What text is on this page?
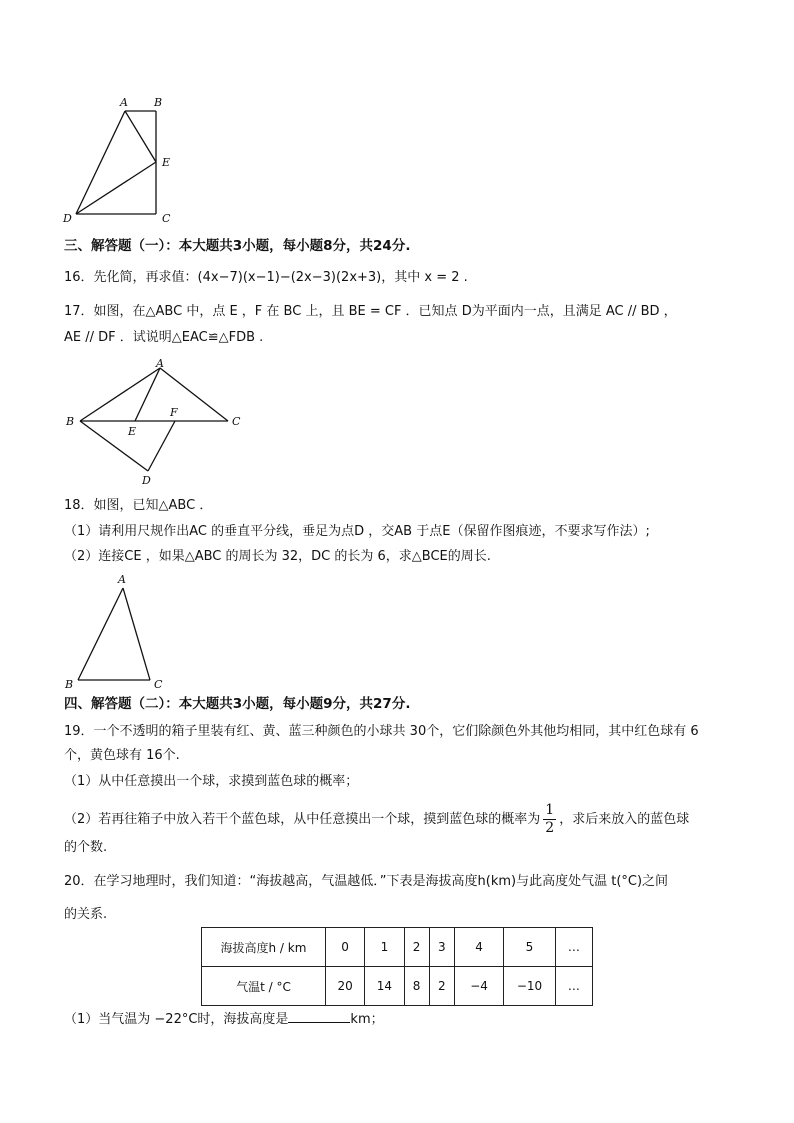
A B
E
D	C
三、解答题（一）：本大题共3小题，每小题8分，共24分.
16．先化简，再求值：(4x−7)(x−1)−(2x−3)(2x+3)，其中 x = 2 .
17．如图，在△ABC 中，点 E ，F 在 BC 上，且 BE = CF ．已知点 D为平面内一点，且满足 AC // BD ，
AE // DF ．试说明△EAC≌△FDB .
A
B
E
F
C
D
18．如图，已知△ABC ．
（1）请利用尺规作出AC 的垂直平分线，垂足为点D ，交AB 于点E（保留作图痕迹，不要求写作法）;
（2）连接CE ，如果△ABC 的周长为 32，DC 的长为 6，求△BCE的周长.
A
B	C
四、解答题（二）：本大题共3小题，每小题9分，共27分.
19．一个不透明的箱子里装有红、黄、蓝三种颜色的小球共 30个，它们除颜色外其他均相同，其中红色球有 6
个，黄色球有 16个.
（1）从中任意摸出一个球，求摸到蓝色球的概率；
（2）若再往箱子中放入若干个蓝色球，从中任意摸出一个球，摸到蓝色球的概率为 $\frac{1}{2}$ ，求后来放入的蓝色球
的个数.
20．在学习地理时，我们知道：“海拔越高，气温越低．”下表是海拔高度h(km)与此高度处气温 t(°C)之间
的关系.
海拔高度h / km	0	1	2	3	4	5	…
气温t / °C	20	14	8	2	−4	−10	…
（1）当气温为 −22°C时，海拔高度是	km；
